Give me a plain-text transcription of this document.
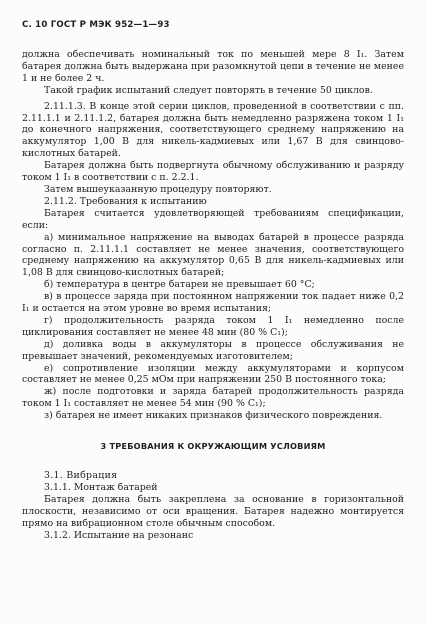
С. 10 ГОСТ Р МЭК 952—1—93

должна обеспечивать номинальный ток по меньшей мере 8 I₁. Затем батарея должна быть выдержана при разомкнутой цепи в течение не менее 1 и не более 2 ч.

Такой график испытаний следует повторять в течение 50 циклов.

2.11.1.3. В конце этой серии циклов, проведенной в соответствии с пп. 2.11.1.1 и 2.11.1.2, батарея должна быть немедленно разряжена током 1 I₁ до конечного напряжения, соответствующего среднему напряжению на аккумулятор 1,00 В для никель-кадмиевых или 1,67 В для свинцово-кислотных батарей.

Батарея должна быть подвергнута обычному обслуживанию и разряду током 1 I₁ в соответствии с п. 2.2.1.

Затем вышеуказанную процедуру повторяют.

2.11.2. Требования к испытанию

Батарея считается удовлетворяющей требованиям спецификации, если:

а) минимальное напряжение на выводах батарей в процессе разряда согласно п. 2.11.1.1 составляет не менее значения, соответствующего среднему напряжению на аккумулятор 0,65 В для никель-кадмиевых или 1,08 В для свинцово-кислотных батарей;

б) температура в центре батареи не превышает 60 °С;

в) в процессе заряда при постоянном напряжении ток падает ниже 0,2 I₁ и остается на этом уровне во время испытания;

г) продолжительность разряда током 1 I₁ немедленно после циклирования составляет не менее 48 мин (80 % C₁);

д) доливка воды в аккумуляторы в процессе обслуживания не превышает значений, рекомендуемых изготовителем;

е) сопротивление изоляции между аккумуляторами и корпусом составляет не менее 0,25 мОм при напряжении 250 В постоянного тока;

ж) после подготовки и заряда батарей продолжительность разряда током 1 I₁ составляет не менее 54 мин (90 % C₁);

з) батарея не имеет никаких признаков физического повреждения.

3 ТРЕБОВАНИЯ К ОКРУЖАЮЩИМ УСЛОВИЯМ

3.1. Вибрация

3.1.1. Монтаж батарей

Батарея должна быть закреплена за основание в горизонтальной плоскости, независимо от оси вращения. Батарея надежно монтируется прямо на вибрационном столе обычным способом.

3.1.2. Испытание на резонанс
